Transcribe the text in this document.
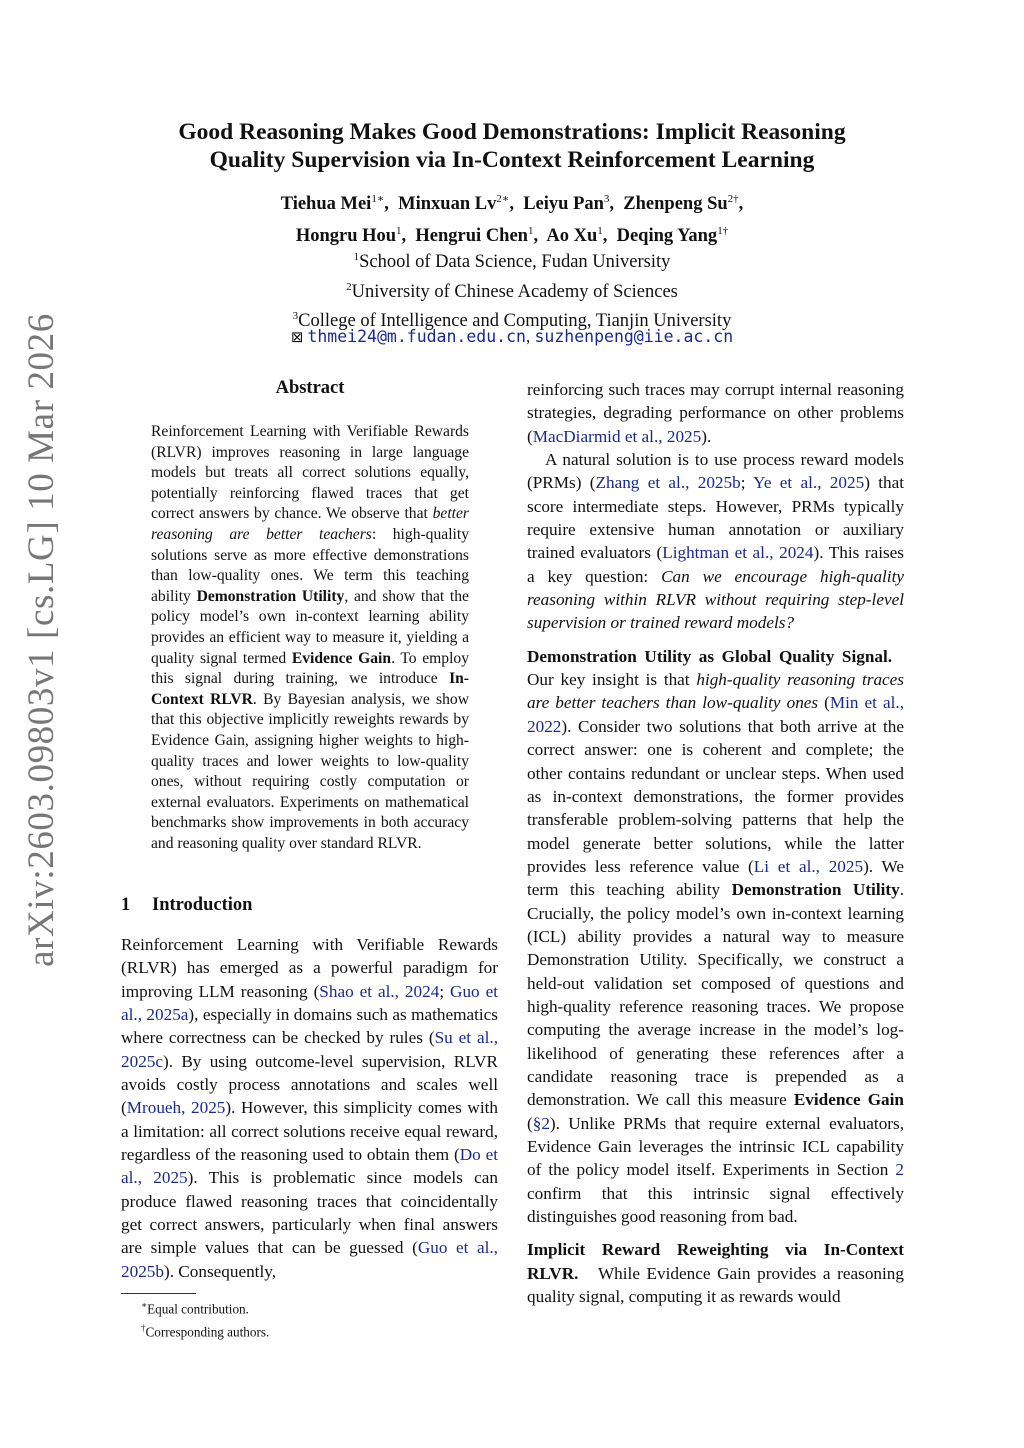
arXiv:2603.09803v1 [cs.LG] 10 Mar 2026
Good Reasoning Makes Good Demonstrations: Implicit Reasoning
Quality Supervision via In-Context Reinforcement Learning
Tiehua Mei$^{1∗}$,  Minxuan $Lv^{2∗}$,  Leiyu Pan$^3$,  Zhenpeng $Su^{2\dagger}$,
Hongru Hou$^1$,  Hengrui Chen$^1$,  Ao Xu$^1$,  Deqing Yang$^{1\dagger}$
$^1$School of Data Science, Fudan University
$^2$University of Chinese Academy of Sciences
$^3$College of Intelligence and Computing, Tianjin University
⊠ thmei24@m.fudan.edu.cn, suzhenpeng@iie.ac.cn
Abstract
Reinforcement Learning with Verifiable Rewards (RLVR) improves reasoning in large language models but treats all correct solutions equally, potentially reinforcing flawed traces that get correct answers by chance. We observe that better reasoning are better teachers: high-quality solutions serve as more effective demonstrations than low-quality ones. We term this teaching ability Demonstration Utility, and show that the policy model’s own in-context learning ability provides an efficient way to measure it, yielding a quality signal termed Evidence Gain. To employ this signal during training, we introduce In-Context RLVR. By Bayesian analysis, we show that this objective implicitly reweights rewards by Evidence Gain, assigning higher weights to high-quality traces and lower weights to low-quality ones, without requiring costly computation or external evaluators. Experiments on mathematical benchmarks show improvements in both accuracy and reasoning quality over standard RLVR.
1 Introduction

Reinforcement Learning with Verifiable Rewards (RLVR) has emerged as a powerful paradigm for improving LLM reasoning (Shao et al., 2024; Guo et al., 2025a), especially in domains such as mathematics where correctness can be checked by rules (Su et al., 2025c). By using outcome-level supervision, RLVR avoids costly process annotations and scales well (Mroueh, 2025). However, this simplicity comes with a limitation: all correct solutions receive equal reward, regardless of the reasoning used to obtain them (Do et al., 2025). This is problematic since models can produce flawed reasoning traces that coincidentally get correct answers, particularly when final answers are simple values that can be guessed (Guo et al., 2025b). Consequently,

reinforcing such traces may corrupt internal reasoning strategies, degrading performance on other problems (MacDiarmid et al., 2025).

A natural solution is to use process reward models (PRMs) (Zhang et al., 2025b; Ye et al., 2025) that score intermediate steps. However, PRMs typically require extensive human annotation or auxiliary trained evaluators (Lightman et al., 2024). This raises a key question: Can we encourage high-quality reasoning within RLVR without requiring step-level supervision or trained reward models?

Demonstration Utility as Global Quality Signal.   Our key insight is that high-quality reasoning traces are better teachers than low-quality ones (Min et al., 2022). Consider two solutions that both arrive at the correct answer: one is coherent and complete; the other contains redundant or unclear steps. When used as in-context demonstrations, the former provides transferable problem-solving patterns that help the model generate better solutions, while the latter provides less reference value (Li et al., 2025). We term this teaching ability Demonstration Utility. Crucially, the policy model’s own in-context learning (ICL) ability provides a natural way to measure Demonstration Utility. Specifically, we construct a held-out validation set composed of questions and high-quality reference reasoning traces. We propose computing the average increase in the model’s log-likelihood of generating these references after a candidate reasoning trace is prepended as a demonstration. We call this measure Evidence Gain (§2). Unlike PRMs that require external evaluators, Evidence Gain leverages the intrinsic ICL capability of the policy model itself. Experiments in Section 2 confirm that this intrinsic signal effectively distinguishes good reasoning from bad.

Implicit Reward Reweighting via In-Context RLVR. While Evidence Gain provides a reasoning quality signal, computing it as rewards would

∗Equal contribution.
†Corresponding authors.
